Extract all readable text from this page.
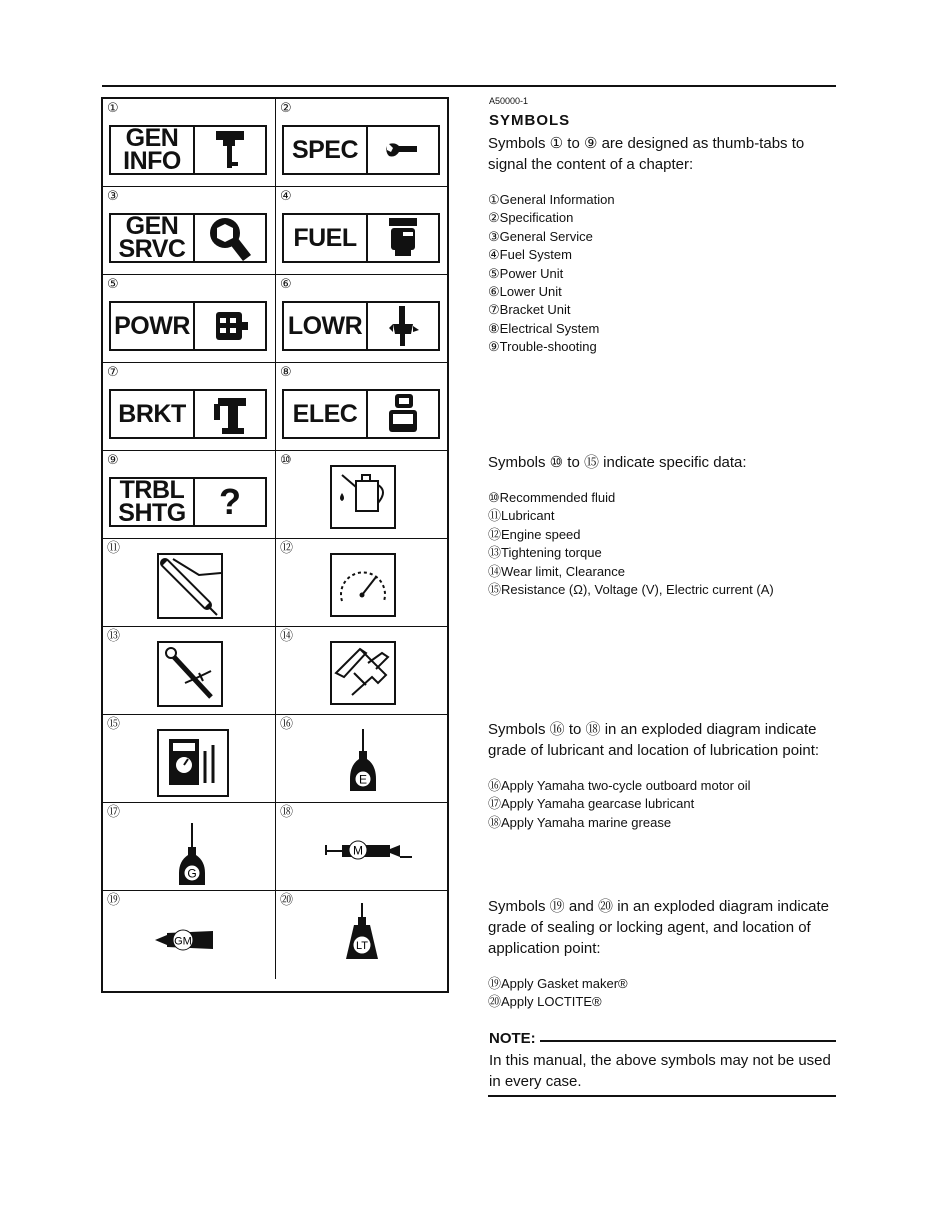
①
GEN
INFO
②
SPEC
③
GEN
SRVC
④
FUEL
⑤
POWR
⑥
LOWR
⑦
BRKT
⑧
ELEC
⑨
TRBL
SHTG ?
⑩
⑪	⑫
⑬	⑭
⑮	⑯
E
⑰
G
⑱
M
⑲
GM
⑳
LT
A50000-1
SYMBOLS
Symbols ① to ⑨ are designed as thumb-tabs to signal the content of a chapter:
①General Information
②Specification
③General Service
④Fuel System
⑤Power Unit
⑥Lower Unit
⑦Bracket Unit
⑧Electrical System
⑨Trouble-shooting
Symbols ⑩ to ⑮ indicate specific data:
⑩Recommended fluid
⑪Lubricant
⑫Engine speed
⑬Tightening torque
⑭Wear limit, Clearance
⑮Resistance (Ω), Voltage (V), Electric current (A)
Symbols ⑯ to ⑱ in an exploded diagram indicate grade of lubricant and location of lubrication point:
⑯Apply Yamaha two-cycle outboard motor oil
⑰Apply Yamaha gearcase lubricant
⑱Apply Yamaha marine grease
Symbols ⑲ and ⑳ in an exploded diagram indicate grade of sealing or locking agent, and location of application point:
⑲Apply Gasket maker®
⑳Apply LOCTITE®
NOTE:
In this manual, the above symbols may not be used in every case.
